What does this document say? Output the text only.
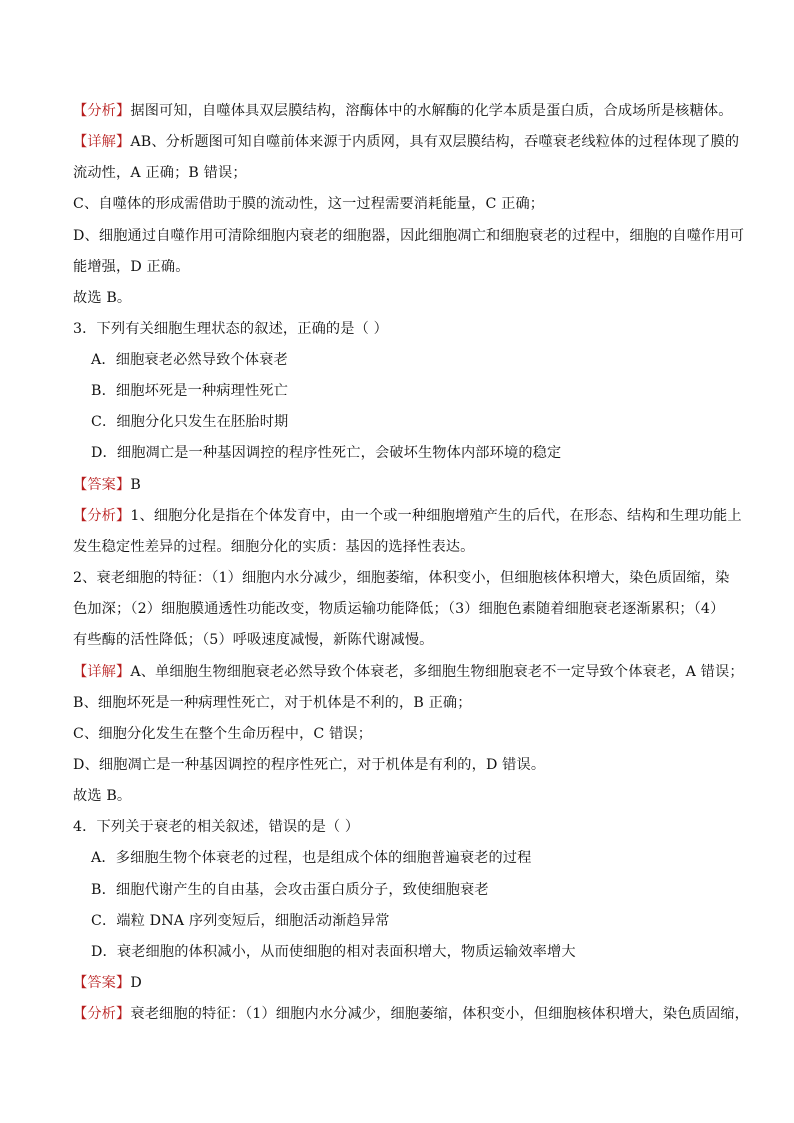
【分析】据图可知，自噬体具双层膜结构，溶酶体中的水解酶的化学本质是蛋白质，合成场所是核糖体。
【详解】AB、分析题图可知自噬前体来源于内质网，具有双层膜结构，吞噬衰老线粒体的过程体现了膜的
流动性，A 正确；B 错误；
C、自噬体的形成需借助于膜的流动性，这一过程需要消耗能量，C 正确；
D、细胞通过自噬作用可清除细胞内衰老的细胞器，因此细胞凋亡和细胞衰老的过程中，细胞的自噬作用可
能增强，D 正确。
故选 B。
3．下列有关细胞生理状态的叙述，正确的是（ ）
A．细胞衰老必然导致个体衰老
B．细胞坏死是一种病理性死亡
C．细胞分化只发生在胚胎时期
D．细胞凋亡是一种基因调控的程序性死亡，会破坏生物体内部环境的稳定
【答案】B
【分析】1、细胞分化是指在个体发育中，由一个或一种细胞增殖产生的后代，在形态、结构和生理功能上
发生稳定性差异的过程。细胞分化的实质：基因的选择性表达。
2、衰老细胞的特征：（1）细胞内水分减少，细胞萎缩，体积变小，但细胞核体积增大，染色质固缩，染
色加深；（2）细胞膜通透性功能改变，物质运输功能降低；（3）细胞色素随着细胞衰老逐渐累积；（4）
有些酶的活性降低；（5）呼吸速度减慢，新陈代谢减慢。
【详解】A、单细胞生物细胞衰老必然导致个体衰老，多细胞生物细胞衰老不一定导致个体衰老，A 错误；
B、细胞坏死是一种病理性死亡，对于机体是不利的，B 正确；
C、细胞分化发生在整个生命历程中，C 错误；
D、细胞凋亡是一种基因调控的程序性死亡，对于机体是有利的，D 错误。
故选 B。
4．下列关于衰老的相关叙述，错误的是（ ）
A．多细胞生物个体衰老的过程，也是组成个体的细胞普遍衰老的过程
B．细胞代谢产生的自由基，会攻击蛋白质分子，致使细胞衰老
C．端粒 DNA 序列变短后，细胞活动渐趋异常
D．衰老细胞的体积减小，从而使细胞的相对表面积增大，物质运输效率增大
【答案】D
【分析】衰老细胞的特征：（1）细胞内水分减少，细胞萎缩，体积变小，但细胞核体积增大，染色质固缩，
